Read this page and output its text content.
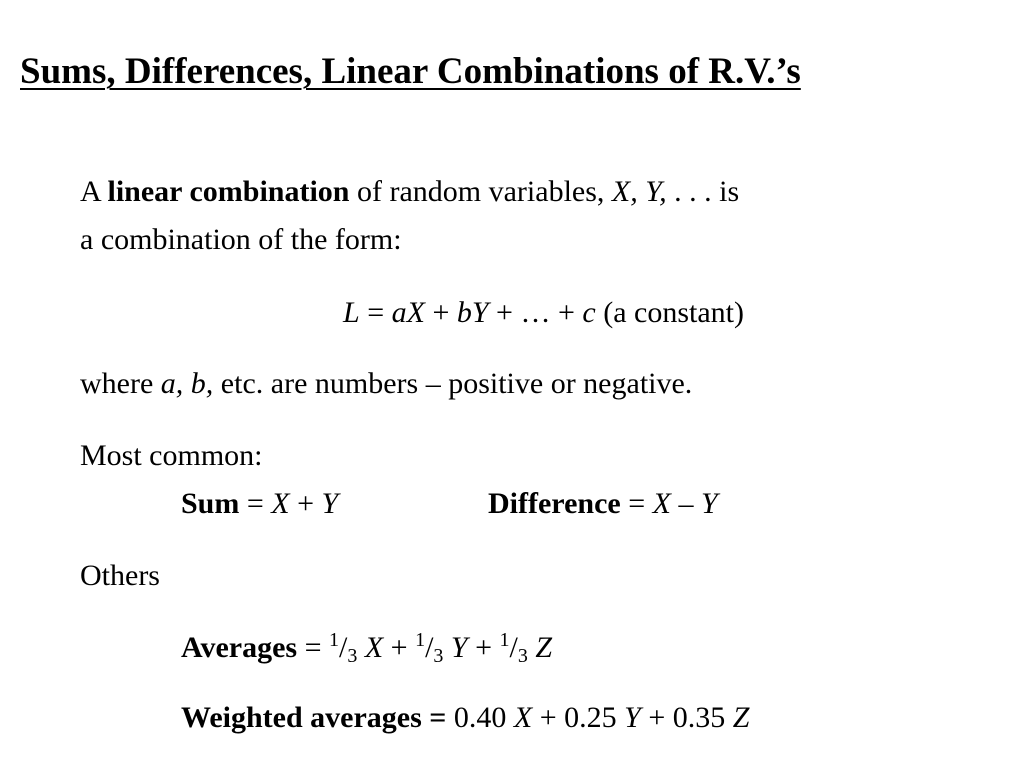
Sums, Differences, Linear Combinations of R.V.’s
A linear combination of random variables, X, Y, . . . is
a combination of the form:
L = aX + bY + … + c (a constant)
where a, b, etc. are numbers – positive or negative.
Most common:
Sum = X + Y	Difference = X – Y
Others
Averages = $^1/_3$ $X + ^1/_3$ $Y + ^1/_3$ Z
Weighted averages = 0.40 X + 0.25 Y + 0.35 Z
